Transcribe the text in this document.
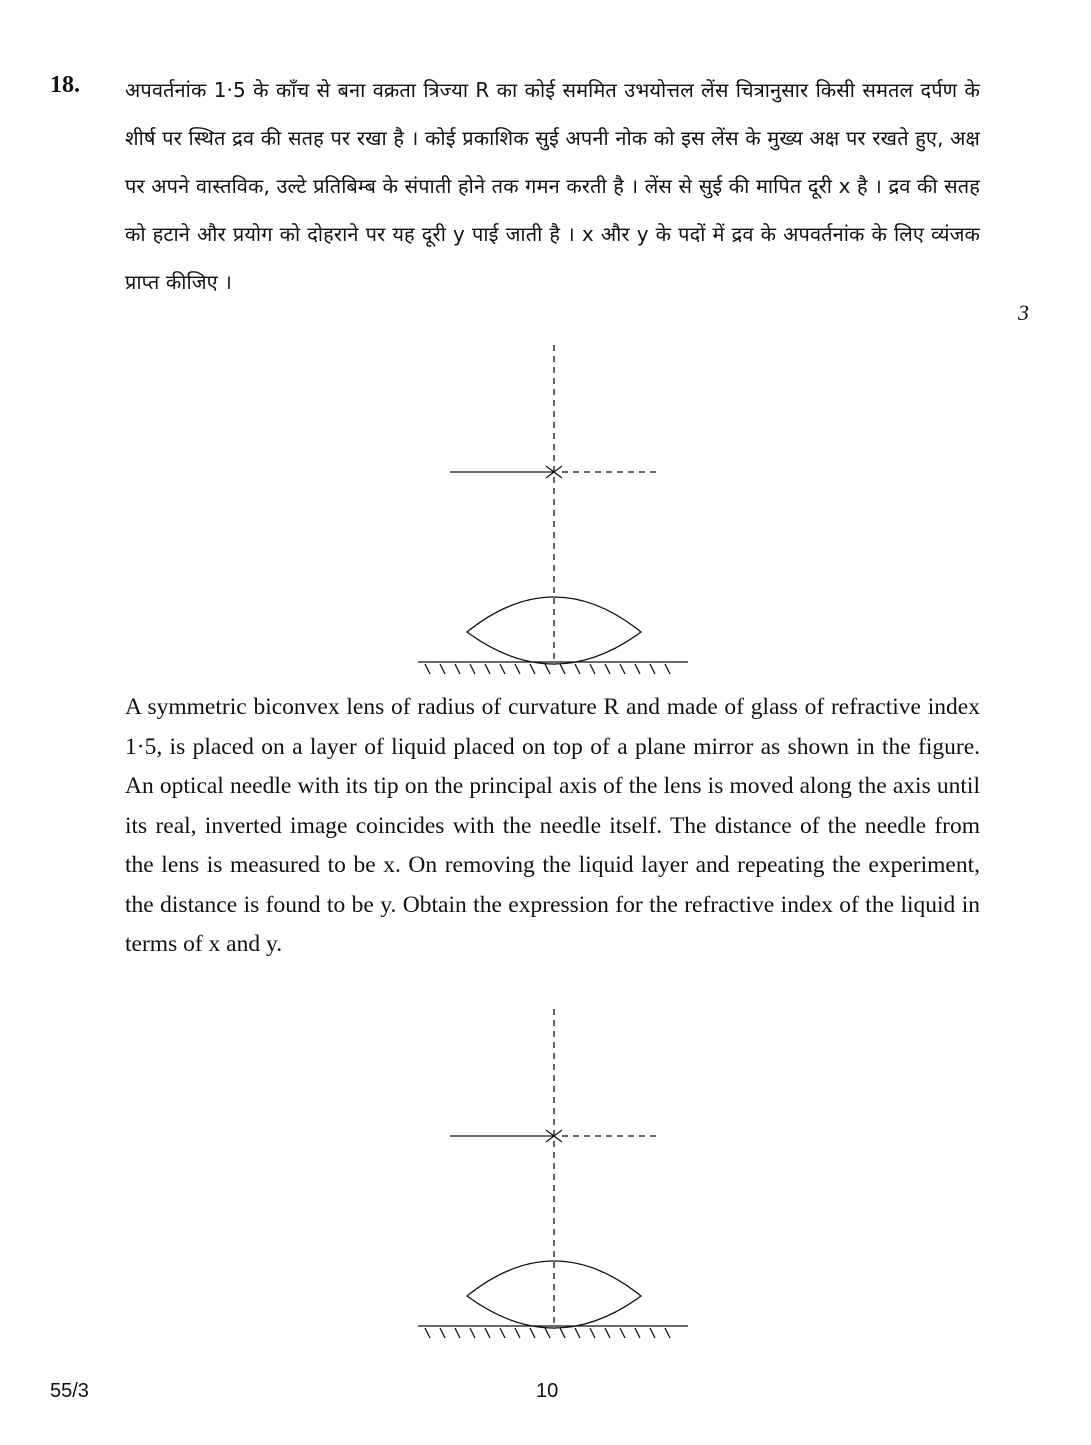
18. अपवर्तनांक 1·5 के काँच से बना वक्रता त्रिज्या R का कोई सममित उभयोत्तल लेंस चित्रानुसार किसी समतल दर्पण के शीर्ष पर स्थित द्रव की सतह पर रखा है । कोई प्रकाशिक सुई अपनी नोक को इस लेंस के मुख्य अक्ष पर रखते हुए, अक्ष पर अपने वास्तविक, उल्टे प्रतिबिम्ब के संपाती होने तक गमन करती है । लेंस से सुई की मापित दूरी x है । द्रव की सतह को हटाने और प्रयोग को दोहराने पर यह दूरी y पाई जाती है । x और y के पदों में द्रव के अपवर्तनांक के लिए व्यंजक प्राप्त कीजिए ।
3

A symmetric biconvex lens of radius of curvature R and made of glass of refractive index 1·5, is placed on a layer of liquid placed on top of a plane mirror as shown in the figure. An optical needle with its tip on the principal axis of the lens is moved along the axis until its real, inverted image coincides with the needle itself. The distance of the needle from the lens is measured to be x. On removing the liquid layer and repeating the experiment, the distance is found to be y. Obtain the expression for the refractive index of the liquid in terms of x and y.

55/3	10
